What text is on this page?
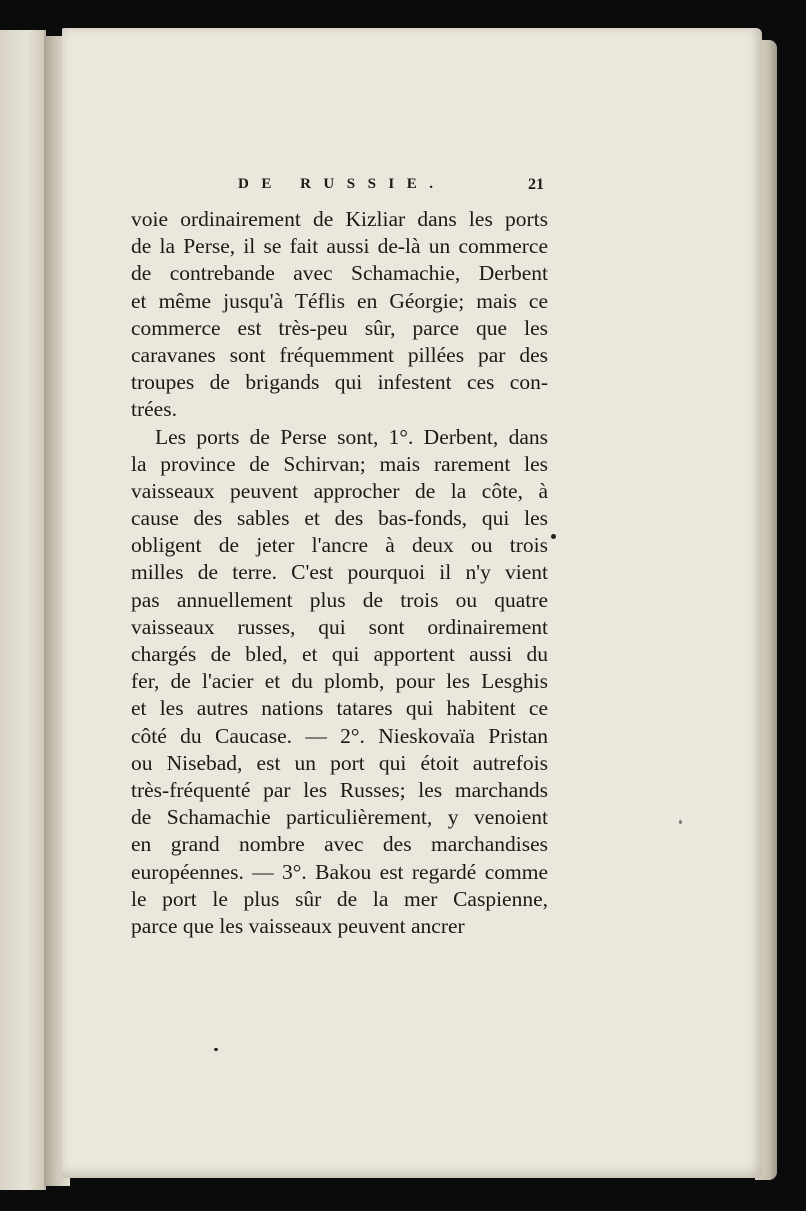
DE RUSSIE.	21
voie ordinairement de Kizliar dans les ports
de la Perse, il se fait aussi de-là un commerce
de contrebande avec Schamachie, Derbent
et même jusqu'à Téflis en Géorgie; mais ce
commerce est très-peu sûr, parce que les
caravanes sont fréquemment pillées par des
troupes de brigands qui infestent ces con-
trées.
Les ports de Perse sont, 1°. Derbent, dans
la province de Schirvan; mais rarement les
vaisseaux peuvent approcher de la côte, à
cause des sables et des bas-fonds, qui les
obligent de jeter l'ancre à deux ou trois
milles de terre. C'est pourquoi il n'y vient
pas annuellement plus de trois ou quatre
vaisseaux russes, qui sont ordinairement
chargés de bled, et qui apportent aussi du
fer, de l'acier et du plomb, pour les Lesghis
et les autres nations tatares qui habitent ce
côté du Caucase. — 2°. Nieskovaïa Pristan
ou Nisebad, est un port qui étoit autrefois
très-fréquenté par les Russes; les marchands
de Schamachie particulièrement, y venoient
en grand nombre avec des marchandises
européennes. — 3°. Bakou est regardé comme
le port le plus sûr de la mer Caspienne,
parce que les vaisseaux peuvent ancrer
